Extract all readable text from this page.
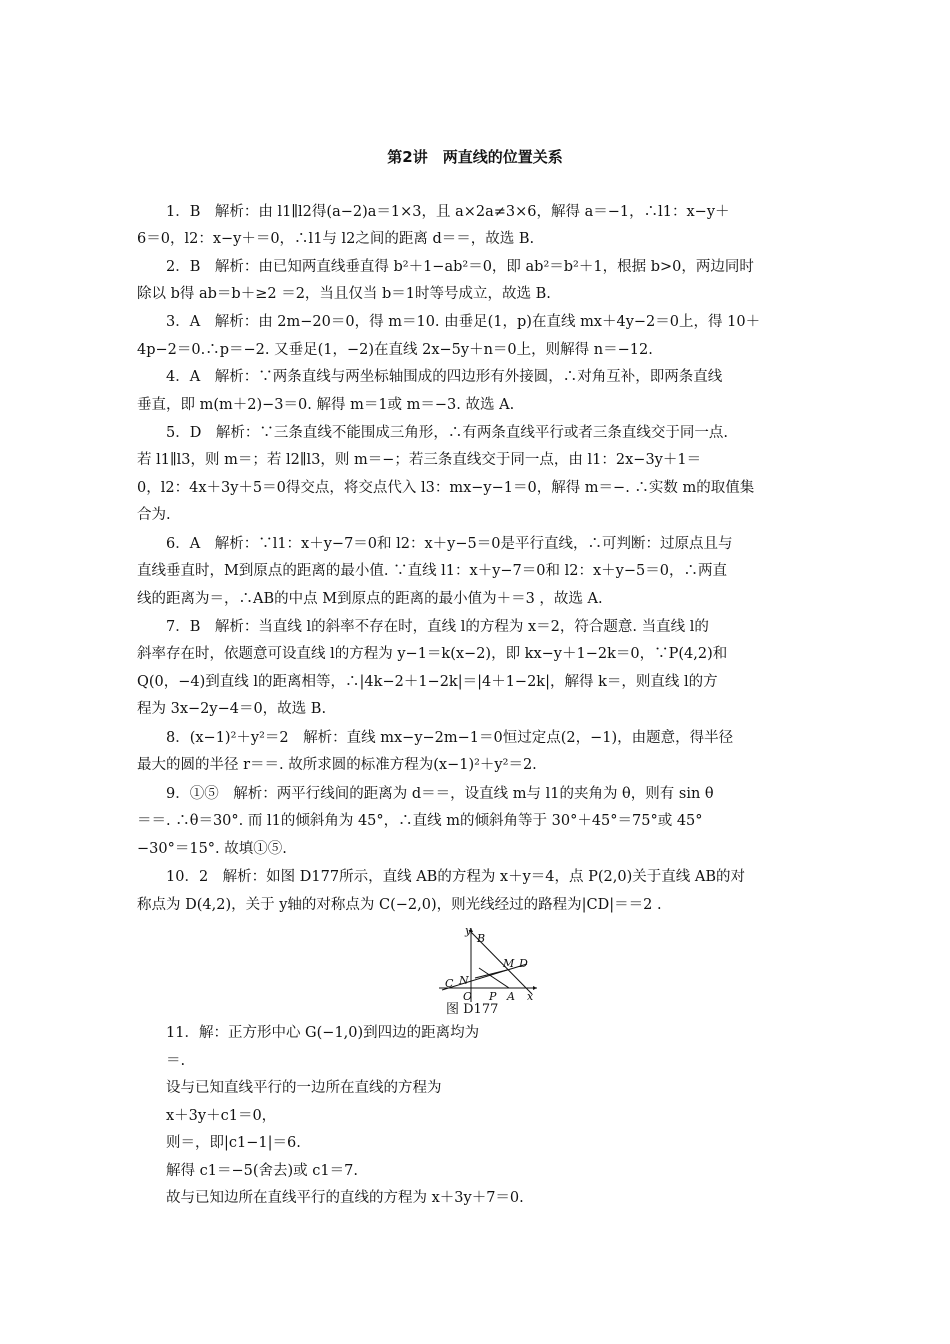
第2讲　两直线的位置关系
1．B　解析：由 l1∥l2得(a−2)a＝1×3，且 a×2a≠3×6，解得 a＝−1，∴l1：x−y＋
6＝0，l2：x−y＋＝0，∴l1与 l2之间的距离 d＝＝，故选 B.
2．B　解析：由已知两直线垂直得 b²＋1−ab²＝0，即 ab²＝b²＋1，根据 b>0，两边同时
除以 b得 ab＝b＋≥2 ＝2，当且仅当 b＝1时等号成立，故选 B.
3．A　解析：由 2m−20＝0，得 m＝10. 由垂足(1，p)在直线 mx＋4y−2＝0上，得 10＋
4p−2＝0.∴p＝−2. 又垂足(1，−2)在直线 2x−5y＋n＝0上，则解得 n＝−12.
4．A　解析：∵两条直线与两坐标轴围成的四边形有外接圆，∴对角互补，即两条直线
垂直，即 m(m＋2)−3＝0. 解得 m＝1或 m＝−3. 故选 A.
5．D　解析：∵三条直线不能围成三角形，∴有两条直线平行或者三条直线交于同一点.
若 l1∥l3，则 m＝；若 l2∥l3，则 m＝−；若三条直线交于同一点，由 l1：2x−3y＋1＝
0，l2：4x＋3y＋5＝0得交点，将交点代入 l3：mx−y−1＝0，解得 m＝−. ∴实数 m的取值集
合为.
6．A　解析：∵l1：x＋y−7＝0和 l2：x＋y−5＝0是平行直线，∴可判断：过原点且与
直线垂直时，M到原点的距离的最小值. ∵直线 l1：x＋y−7＝0和 l2：x＋y−5＝0，∴两直
线的距离为＝，∴AB的中点 M到原点的距离的最小值为＋＝3 ，故选 A.
7．B　解析：当直线 l的斜率不存在时，直线 l的方程为 x＝2，符合题意. 当直线 l的
斜率存在时，依题意可设直线 l的方程为 y−1＝k(x−2)，即 kx−y＋1−2k＝0，∵P(4,2)和
Q(0，−4)到直线 l的距离相等，∴|4k−2＋1−2k|＝|4＋1−2k|，解得 k＝，则直线 l的方
程为 3x−2y−4＝0，故选 B.
8．(x−1)²＋y²＝2　解析：直线 mx−y−2m−1＝0恒过定点(2，−1)，由题意，得半径
最大的圆的半径 r＝＝. 故所求圆的标准方程为(x−1)²＋y²＝2.
9．①⑤　解析：两平行线间的距离为 d＝＝，设直线 m与 l1的夹角为 θ，则有 sin θ
＝＝. ∴θ＝30°. 而 l1的倾斜角为 45°，∴直线 m的倾斜角等于 30°＋45°＝75°或 45°
−30°＝15°. 故填①⑤.
10．2　解析：如图 D177所示，直线 AB的方程为 x＋y＝4，点 P(2,0)关于直线 AB的对
称点为 D(4,2)，关于 y轴的对称点为 C(−2,0)，则光线经过的路程为|CD|＝＝2 .
y
B
M D
C N
O P A x
图 D177
11．解：正方形中心 G(−1,0)到四边的距离均为
＝.
设与已知直线平行的一边所在直线的方程为
x＋3y＋c1＝0，
则＝，即|c1−1|＝6.
解得 c1＝−5(舍去)或 c1＝7.
故与已知边所在直线平行的直线的方程为 x＋3y＋7＝0.
